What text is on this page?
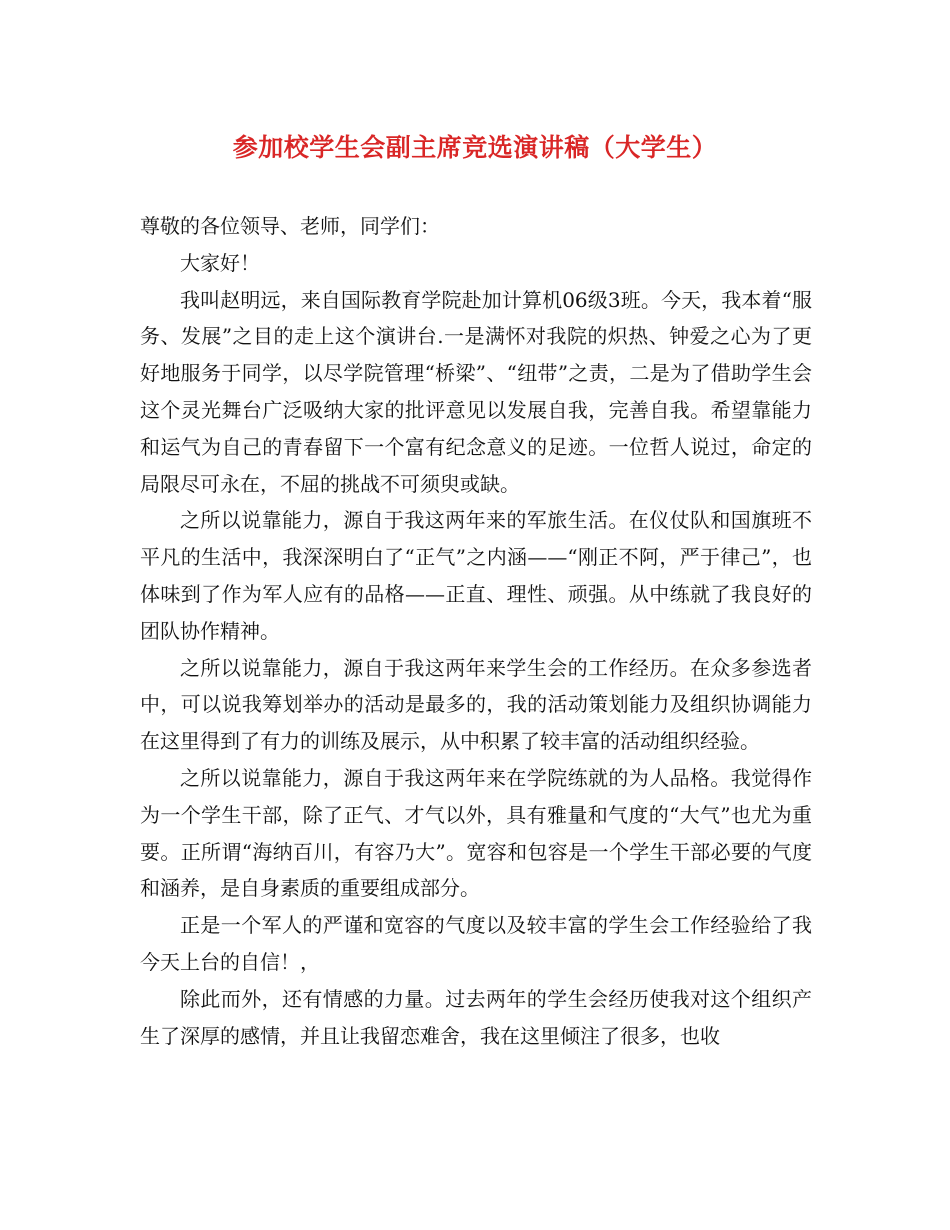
参加校学生会副主席竞选演讲稿（大学生）

尊敬的各位领导、老师，同学们：

大家好！

我叫赵明远，来自国际教育学院赴加计算机06级3班。今天，我本着“服务、发展”之目的走上这个演讲台.一是满怀对我院的炽热、钟爱之心为了更好地服务于同学，以尽学院管理“桥梁”、“纽带”之责，二是为了借助学生会这个灵光舞台广泛吸纳大家的批评意见以发展自我，完善自我。希望靠能力和运气为自己的青春留下一个富有纪念意义的足迹。一位哲人说过，命定的局限尽可永在，不屈的挑战不可须臾或缺。

之所以说靠能力，源自于我这两年来的军旅生活。在仪仗队和国旗班不平凡的生活中，我深深明白了“正气”之内涵——“刚正不阿，严于律己”，也体味到了作为军人应有的品格——正直、理性、顽强。从中练就了我良好的团队协作精神。

之所以说靠能力，源自于我这两年来学生会的工作经历。在众多参选者中，可以说我筹划举办的活动是最多的，我的活动策划能力及组织协调能力在这里得到了有力的训练及展示，从中积累了较丰富的活动组织经验。

之所以说靠能力，源自于我这两年来在学院练就的为人品格。我觉得作为一个学生干部，除了正气、才气以外，具有雅量和气度的“大气”也尤为重要。正所谓“海纳百川，有容乃大”。宽容和包容是一个学生干部必要的气度和涵养，是自身素质的重要组成部分。

正是一个军人的严谨和宽容的气度以及较丰富的学生会工作经验给了我今天上台的自信！，

除此而外，还有情感的力量。过去两年的学生会经历使我对这个组织产生了深厚的感情，并且让我留恋难舍，我在这里倾注了很多，也收
